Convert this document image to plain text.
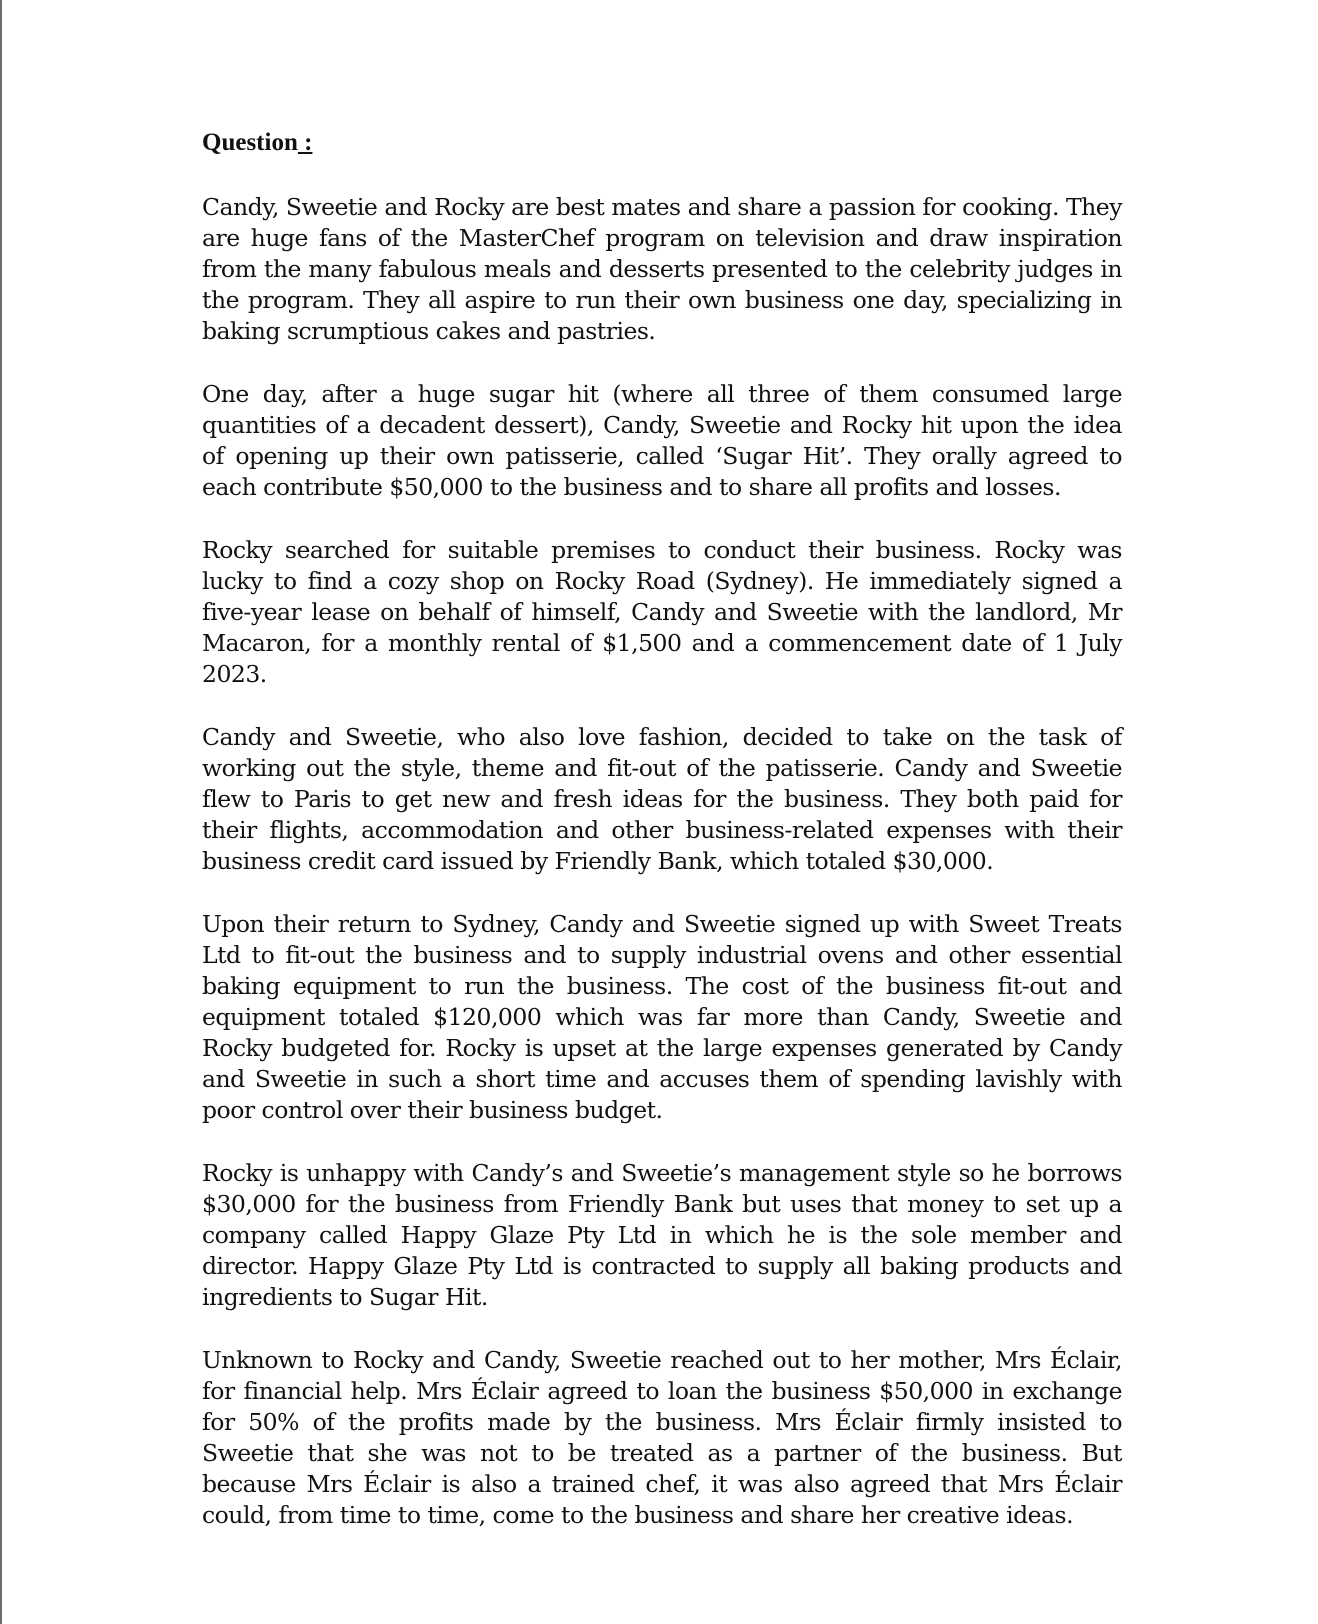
Question :

Candy, Sweetie and Rocky are best mates and share a passion for cooking. They are huge fans of the MasterChef program on television and draw inspiration from the many fabulous meals and desserts presented to the celebrity judges in the program. They all aspire to run their own business one day, specializing in baking scrumptious cakes and pastries.

One day, after a huge sugar hit (where all three of them consumed large quantities of a decadent dessert), Candy, Sweetie and Rocky hit upon the idea of opening up their own patisserie, called ‘Sugar Hit’. They orally agreed to each contribute $50,000 to the business and to share all profits and losses.

Rocky searched for suitable premises to conduct their business. Rocky was lucky to find a cozy shop on Rocky Road (Sydney). He immediately signed a five-year lease on behalf of himself, Candy and Sweetie with the landlord, Mr Macaron, for a monthly rental of $1,500 and a commencement date of 1 July 2023.

Candy and Sweetie, who also love fashion, decided to take on the task of working out the style, theme and fit-out of the patisserie. Candy and Sweetie flew to Paris to get new and fresh ideas for the business. They both paid for their flights, accommodation and other business-related expenses with their business credit card issued by Friendly Bank, which totaled $30,000.

Upon their return to Sydney, Candy and Sweetie signed up with Sweet Treats Ltd to fit-out the business and to supply industrial ovens and other essential baking equipment to run the business. The cost of the business fit-out and equipment totaled $120,000 which was far more than Candy, Sweetie and Rocky budgeted for. Rocky is upset at the large expenses generated by Candy and Sweetie in such a short time and accuses them of spending lavishly with poor control over their business budget.

Rocky is unhappy with Candy’s and Sweetie’s management style so he borrows $30,000 for the business from Friendly Bank but uses that money to set up a company called Happy Glaze Pty Ltd in which he is the sole member and director. Happy Glaze Pty Ltd is contracted to supply all baking products and ingredients to Sugar Hit.

Unknown to Rocky and Candy, Sweetie reached out to her mother, Mrs Éclair, for financial help. Mrs Éclair agreed to loan the business $50,000 in exchange for 50% of the profits made by the business. Mrs Éclair firmly insisted to Sweetie that she was not to be treated as a partner of the business. But because Mrs Éclair is also a trained chef, it was also agreed that Mrs Éclair could, from time to time, come to the business and share her creative ideas.
